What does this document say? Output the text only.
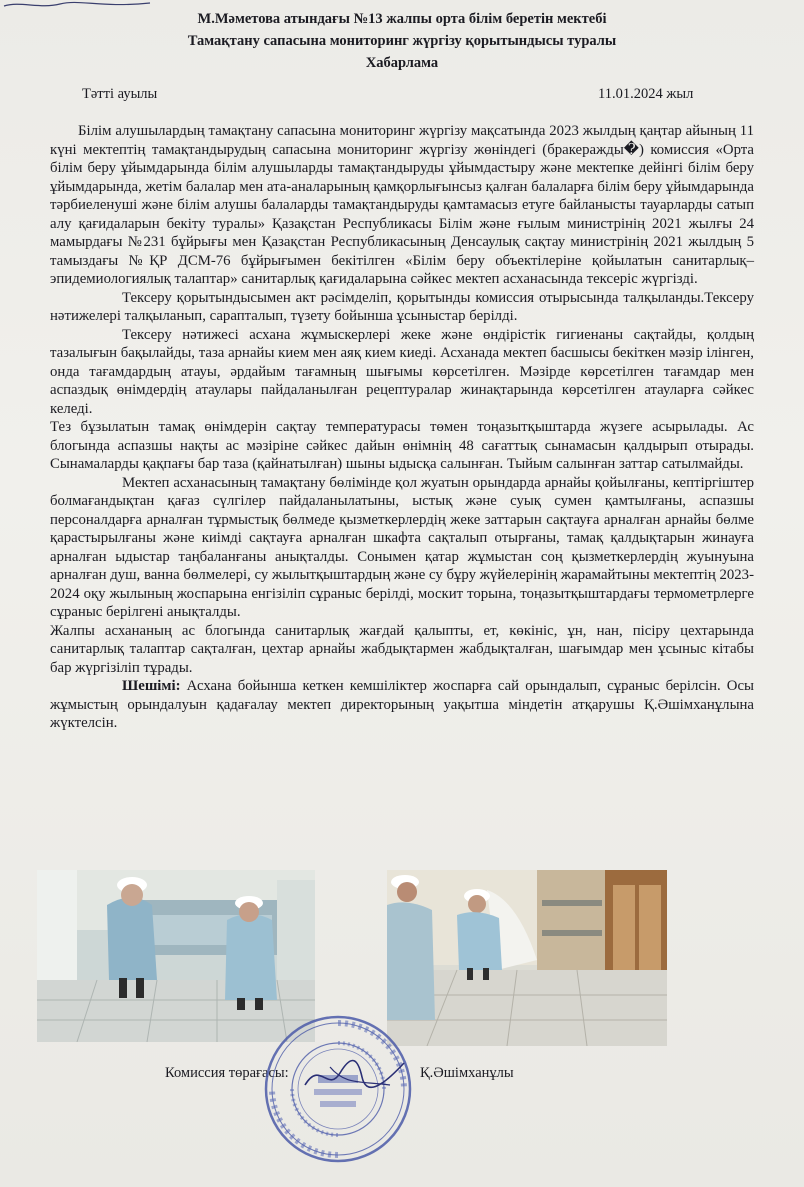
М.Мәметова атындағы №13 жалпы орта білім беретін мектебі
Тамақтану сапасына мониторинг жүргізу қорытындысы туралы
Хабарлама
Тәтті ауылы	11.01.2024 жыл

Білім алушылардың тамақтану сапасына мониторинг жүргізу мақсатында 2023 жылдың қаңтар айының 11 күні мектептің тамақтандырудың сапасына мониторинг жүргізу жөніндегі (бракеражды�) комиссия «Орта білім беру ұйымдарында білім алушыларды тамақтандыруды ұйымдастыру және мектепке дейінгі білім беру ұйымдарында, жетім балалар мен ата-аналарының қамқорлығынсыз қалған балаларға білім беру ұйымдарында тәрбиеленуші және білім алушы балаларды тамақтандыруды қамтамасыз етуге байланысты тауарларды сатып алу қағидаларын бекіту туралы» Қазақстан Республикасы Білім және ғылым министрінің 2021 жылғы 24 мамырдағы №231 бұйрығы мен Қазақстан Республикасының Денсаулық сақтау министрінің 2021 жылдың 5 тамыздағы №ҚР ДСМ-76 бұйрығымен бекітілген «Білім беру объектілеріне қойылатын санитарлық–эпидемиологиялық талаптар» санитарлық қағидаларына сәйкес мектеп асханасында тексеріс жүргізді.

Тексеру қорытындысымен акт рәсімделіп, қорытынды комиссия отырысында талқыланды.Тексеру нәтижелері талқыланып, сарапталып, түзету бойынша ұсыныстар берілді.

Тексеру нәтижесі асхана жұмыскерлері жеке және өндірістік гигиенаны сақтайды, қолдың тазалығын бақылайды, таза арнайы кием мен аяқ кием киеді. Асханада мектеп басшысы бекіткен мәзір ілінген, онда тағамдардың атауы, әрдайым тағамның шығымы көрсетілген. Мәзірде көрсетілген тағамдар мен аспаздық өнімдердің атаулары пайдаланылған рецептуралар жинақтарында көрсетілген атауларға сәйкес келеді.

Тез бұзылатын тамақ өнімдерін сақтау температурасы төмен тоңазытқыштарда жүзеге асырылады. Ас блогында аспазшы нақты ас мәзіріне сәйкес дайын өнімнің 48 сағаттық сынамасын қалдырып отырады. Сынамаларды қақпағы бар таза (қайнатылған) шыны ыдысқа салынған. Тыйым салынған заттар сатылмайды.

Мектеп асханасының тамақтану бөлімінде қол жуатын орындарда арнайы қойылғаны, кептіргіштер болмағандықтан қағаз сүлгілер пайдаланылатыны, ыстық және суық сумен қамтылғаны, аспазшы персоналдарға арналған тұрмыстық бөлмеде қызметкерлердің жеке заттарын сақтауға арналған арнайы бөлме қарастырылғаны және киімді сақтауға арналған шкафта сақталып отырғаны, тамақ қалдықтарын жинауға арналған ыдыстар таңбаланғаны анықталды. Сонымен қатар жұмыстан соң қызметкерлердің жуынуына арналған душ, ванна бөлмелері, су жылытқыштардың және су бұру жүйелерінің жарамайтыны мектептің 2023-2024 оқу жылының жоспарына енгізіліп сұраныс берілді, москит торына, тоңазытқыштардағы термометрлерге сұраныс берілгені анықталды.

Жалпы асхананың ас блогында санитарлық жағдай қалыпты, ет, көкініс, ұн, нан, пісіру цехтарында санитарлық талаптар сақталған, цехтар арнайы жабдықтармен жабдықталған, шағымдар мен ұсыныс кітабы бар жүргізіліп тұрады.

Шешімі: Асхана бойынша кеткен кемшіліктер жоспарға сай орындалып, сұраныс берілсін. Осы жұмыстың орындалуын қадағалау мектеп директорының уақытша міндетін атқарушы Қ.Әшімханұлына жүктелсін.

Комиссия төрағасы:	Қ.Әшімханұлы
